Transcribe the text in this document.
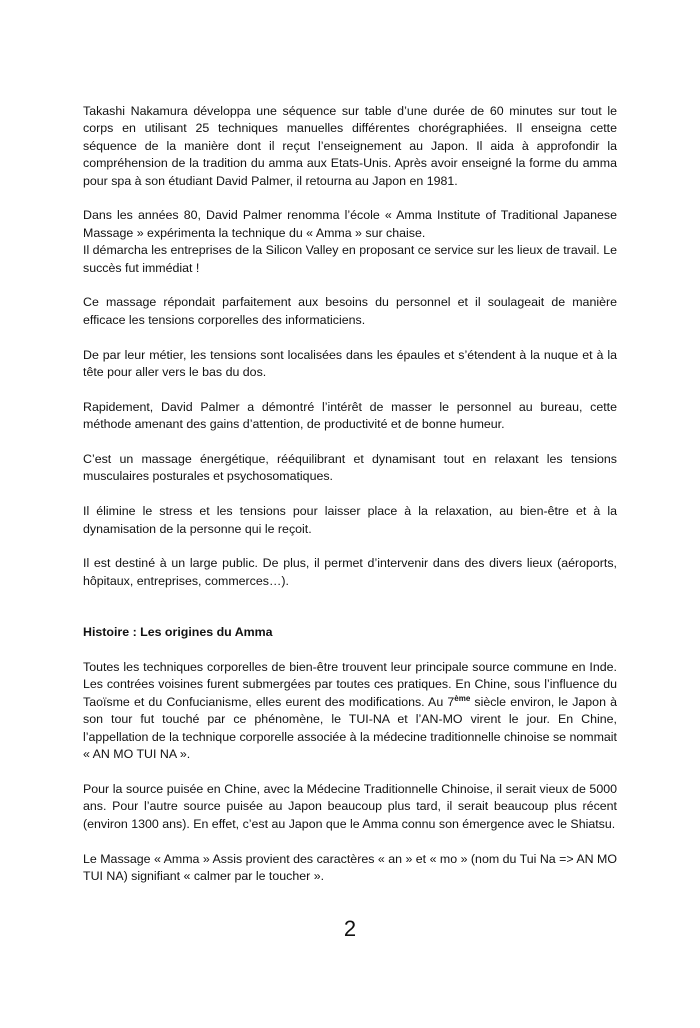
Takashi Nakamura développa une séquence sur table d’une durée de 60 minutes sur tout le corps en utilisant 25 techniques manuelles différentes chorégraphiées. Il enseigna cette séquence de la manière dont il reçut l’enseignement au Japon. Il aida à approfondir la compréhension de la tradition du amma aux Etats-Unis. Après avoir enseigné la forme du amma pour spa à son étudiant David Palmer, il retourna au Japon en 1981.

Dans les années 80, David Palmer renomma l’école « Amma Institute of Traditional Japanese Massage » expérimenta la technique du « Amma » sur chaise.

Il démarcha les entreprises de la Silicon Valley en proposant ce service sur les lieux de travail. Le succès fut immédiat !

Ce massage répondait parfaitement aux besoins du personnel et il soulageait de manière efficace les tensions corporelles des informaticiens.

De par leur métier, les tensions sont localisées dans les épaules et s’étendent à la nuque et à la tête pour aller vers le bas du dos.

Rapidement, David Palmer a démontré l’intérêt de masser le personnel au bureau, cette méthode amenant des gains d’attention, de productivité et de bonne humeur.

C’est un massage énergétique, rééquilibrant et dynamisant tout en relaxant les tensions musculaires posturales et psychosomatiques.

Il élimine le stress et les tensions pour laisser place à la relaxation, au bien-être et à la dynamisation de la personne qui le reçoit.

Il est destiné à un large public. De plus, il permet d’intervenir dans des divers lieux (aéroports, hôpitaux, entreprises, commerces…).

Histoire : Les origines du Amma

Toutes les techniques corporelles de bien-être trouvent leur principale source commune en Inde. Les contrées voisines furent submergées par toutes ces pratiques. En Chine, sous l’influence du Taoïsme et du Confucianisme, elles eurent des modifications. Au 7ème siècle environ, le Japon à son tour fut touché par ce phénomène, le TUI-NA et l’AN-MO virent le jour. En Chine, l’appellation de la technique corporelle associée à la médecine traditionnelle chinoise se nommait « AN MO TUI NA ».

Pour la source puisée en Chine, avec la Médecine Traditionnelle Chinoise, il serait vieux de 5000 ans. Pour l’autre source puisée au Japon beaucoup plus tard, il serait beaucoup plus récent (environ 1300 ans). En effet, c’est au Japon que le Amma connu son émergence avec le Shiatsu.

Le Massage « Amma » Assis provient des caractères « an » et « mo » (nom du Tui Na => AN MO TUI NA) signifiant « calmer par le toucher ».

2
